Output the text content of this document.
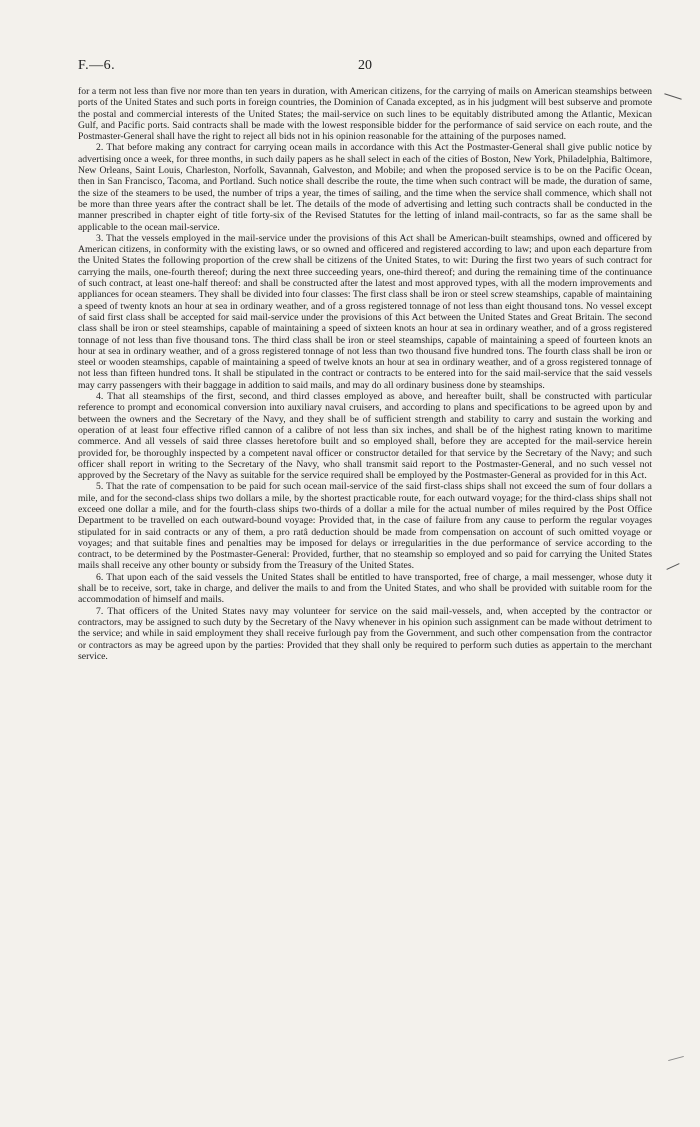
F.—6.	20

for a term not less than five nor more than ten years in duration, with American citizens, for the carrying of mails on American steamships between ports of the United States and such ports in foreign countries, the Dominion of Canada excepted, as in his judgment will best subserve and promote the postal and commercial interests of the United States; the mail-service on such lines to be equitably distributed among the Atlantic, Mexican Gulf, and Pacific ports. Said contracts shall be made with the lowest responsible bidder for the performance of said service on each route, and the Postmaster-General shall have the right to reject all bids not in his opinion reasonable for the attaining of the purposes named.

2. That before making any contract for carrying ocean mails in accordance with this Act the Postmaster-General shall give public notice by advertising once a week, for three months, in such daily papers as he shall select in each of the cities of Boston, New York, Philadelphia, Baltimore, New Orleans, Saint Louis, Charleston, Norfolk, Savannah, Galveston, and Mobile; and when the proposed service is to be on the Pacific Ocean, then in San Francisco, Tacoma, and Portland. Such notice shall describe the route, the time when such contract will be made, the duration of same, the size of the steamers to be used, the number of trips a year, the times of sailing, and the time when the service shall commence, which shall not be more than three years after the contract shall be let. The details of the mode of advertising and letting such contracts shall be conducted in the manner prescribed in chapter eight of title forty-six of the Revised Statutes for the letting of inland mail-contracts, so far as the same shall be applicable to the ocean mail-service.

3. That the vessels employed in the mail-service under the provisions of this Act shall be American-built steamships, owned and officered by American citizens, in conformity with the existing laws, or so owned and officered and registered according to law; and upon each departure from the United States the following proportion of the crew shall be citizens of the United States, to wit: During the first two years of such contract for carrying the mails, one-fourth thereof; during the next three succeeding years, one-third thereof; and during the remaining time of the continuance of such contract, at least one-half thereof: and shall be constructed after the latest and most approved types, with all the modern improvements and appliances for ocean steamers. They shall be divided into four classes: The first class shall be iron or steel screw steamships, capable of maintaining a speed of twenty knots an hour at sea in ordinary weather, and of a gross registered tonnage of not less than eight thousand tons. No vessel except of said first class shall be accepted for said mail-service under the provisions of this Act between the United States and Great Britain. The second class shall be iron or steel steamships, capable of maintaining a speed of sixteen knots an hour at sea in ordinary weather, and of a gross registered tonnage of not less than five thousand tons. The third class shall be iron or steel steamships, capable of maintaining a speed of fourteen knots an hour at sea in ordinary weather, and of a gross registered tonnage of not less than two thousand five hundred tons. The fourth class shall be iron or steel or wooden steamships, capable of maintaining a speed of twelve knots an hour at sea in ordinary weather, and of a gross registered tonnage of not less than fifteen hundred tons. It shall be stipulated in the contract or contracts to be entered into for the said mail-service that the said vessels may carry passengers with their baggage in addition to said mails, and may do all ordinary business done by steamships.

4. That all steamships of the first, second, and third classes employed as above, and hereafter built, shall be constructed with particular reference to prompt and economical conversion into auxiliary naval cruisers, and according to plans and specifications to be agreed upon by and between the owners and the Secretary of the Navy, and they shall be of sufficient strength and stability to carry and sustain the working and operation of at least four effective rifled cannon of a calibre of not less than six inches, and shall be of the highest rating known to maritime commerce. And all vessels of said three classes heretofore built and so employed shall, before they are accepted for the mail-service herein provided for, be thoroughly inspected by a competent naval officer or constructor detailed for that service by the Secretary of the Navy; and such officer shall report in writing to the Secretary of the Navy, who shall transmit said report to the Postmaster-General, and no such vessel not approved by the Secretary of the Navy as suitable for the service required shall be employed by the Postmaster-General as provided for in this Act.

5. That the rate of compensation to be paid for such ocean mail-service of the said first-class ships shall not exceed the sum of four dollars a mile, and for the second-class ships two dollars a mile, by the shortest practicable route, for each outward voyage; for the third-class ships shall not exceed one dollar a mile, and for the fourth-class ships two-thirds of a dollar a mile for the actual number of miles required by the Post Office Department to be travelled on each outward-bound voyage: Provided that, in the case of failure from any cause to perform the regular voyages stipulated for in said contracts or any of them, a pro ratâ deduction should be made from compensation on account of such omitted voyage or voyages; and that suitable fines and penalties may be imposed for delays or irregularities in the due performance of service according to the contract, to be determined by the Postmaster-General: Provided, further, that no steamship so employed and so paid for carrying the United States mails shall receive any other bounty or subsidy from the Treasury of the United States.

6. That upon each of the said vessels the United States shall be entitled to have transported, free of charge, a mail messenger, whose duty it shall be to receive, sort, take in charge, and deliver the mails to and from the United States, and who shall be provided with suitable room for the accommodation of himself and mails.

7. That officers of the United States navy may volunteer for service on the said mail-vessels, and, when accepted by the contractor or contractors, may be assigned to such duty by the Secretary of the Navy whenever in his opinion such assignment can be made without detriment to the service; and while in said employment they shall receive furlough pay from the Government, and such other compensation from the contractor or contractors as may be agreed upon by the parties: Provided that they shall only be required to perform such duties as appertain to the merchant service.
